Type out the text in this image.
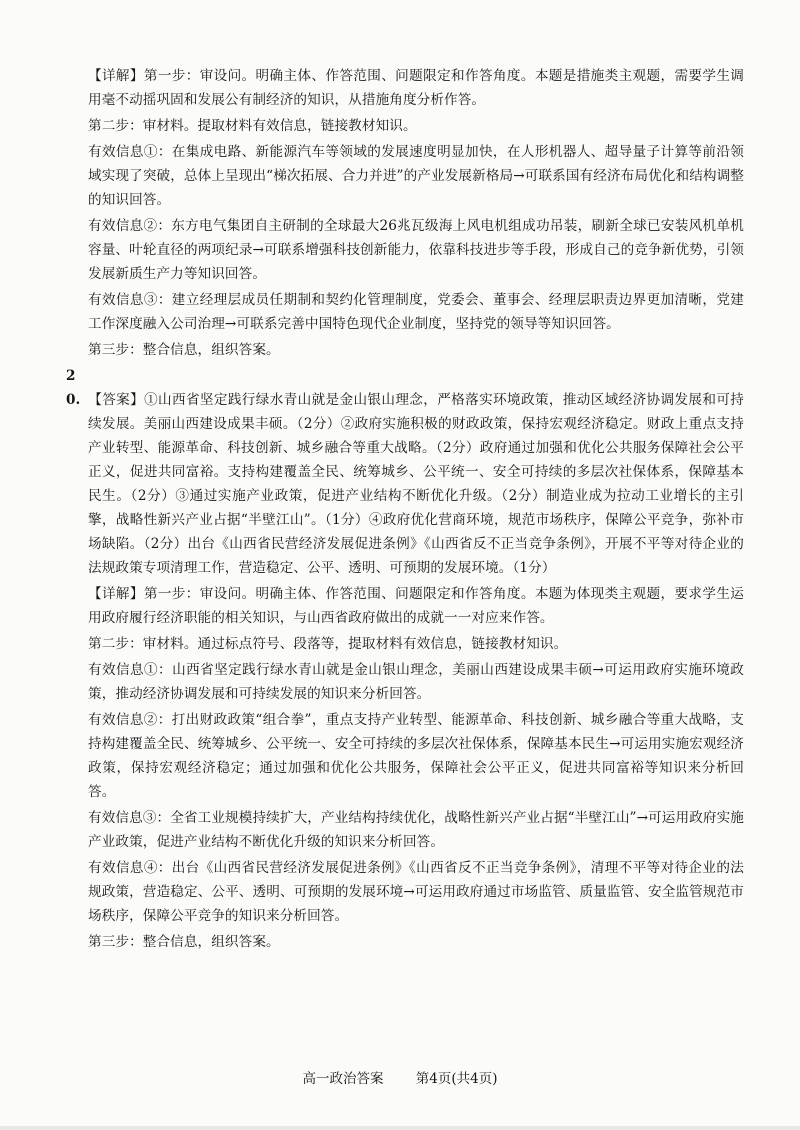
【详解】第一步：审设问。明确主体、作答范围、问题限定和作答角度。本题是措施类主观题，需要学生调用毫不动摇巩固和发展公有制经济的知识，从措施角度分析作答。

第二步：审材料。提取材料有效信息，链接教材知识。

有效信息①：在集成电路、新能源汽车等领域的发展速度明显加快，在人形机器人、超导量子计算等前沿领域实现了突破，总体上呈现出“梯次拓展、合力并进”的产业发展新格局→可联系国有经济布局优化和结构调整的知识回答。

有效信息②：东方电气集团自主研制的全球最大26兆瓦级海上风电机组成功吊装，刷新全球已安装风机单机容量、叶轮直径的两项纪录→可联系增强科技创新能力，依靠科技进步等手段，形成自己的竞争新优势，引领发展新质生产力等知识回答。

有效信息③：建立经理层成员任期制和契约化管理制度，党委会、董事会、经理层职责边界更加清晰，党建工作深度融入公司治理→可联系完善中国特色现代企业制度，坚持党的领导等知识回答。

第三步：整合信息，组织答案。

20. 【答案】①山西省坚定践行绿水青山就是金山银山理念，严格落实环境政策，推动区域经济协调发展和可持续发展。美丽山西建设成果丰硕。（2分）②政府实施积极的财政政策，保持宏观经济稳定。财政上重点支持产业转型、能源革命、科技创新、城乡融合等重大战略。（2分）政府通过加强和优化公共服务保障社会公平正义，促进共同富裕。支持构建覆盖全民、统筹城乡、公平统一、安全可持续的多层次社保体系，保障基本民生。（2分）③通过实施产业政策，促进产业结构不断优化升级。（2分）制造业成为拉动工业增长的主引擎，战略性新兴产业占据“半壁江山”。（1分）④政府优化营商环境，规范市场秩序，保障公平竞争，弥补市场缺陷。（2分）出台《山西省民营经济发展促进条例》《山西省反不正当竞争条例》，开展不平等对待企业的法规政策专项清理工作，营造稳定、公平、透明、可预期的发展环境。（1分）

【详解】第一步：审设问。明确主体、作答范围、问题限定和作答角度。本题为体现类主观题，要求学生运用政府履行经济职能的相关知识，与山西省政府做出的成就一一对应来作答。

第二步：审材料。通过标点符号、段落等，提取材料有效信息，链接教材知识。

有效信息①：山西省坚定践行绿水青山就是金山银山理念，美丽山西建设成果丰硕→可运用政府实施环境政策，推动经济协调发展和可持续发展的知识来分析回答。

有效信息②：打出财政政策“组合拳”，重点支持产业转型、能源革命、科技创新、城乡融合等重大战略，支持构建覆盖全民、统筹城乡、公平统一、安全可持续的多层次社保体系，保障基本民生→可运用实施宏观经济政策，保持宏观经济稳定；通过加强和优化公共服务，保障社会公平正义，促进共同富裕等知识来分析回答。

有效信息③：全省工业规模持续扩大，产业结构持续优化，战略性新兴产业占据“半壁江山”→可运用政府实施产业政策，促进产业结构不断优化升级的知识来分析回答。

有效信息④：出台《山西省民营经济发展促进条例》《山西省反不正当竞争条例》，清理不平等对待企业的法规政策，营造稳定、公平、透明、可预期的发展环境→可运用政府通过市场监管、质量监管、安全监管规范市场秩序，保障公平竞争的知识来分析回答。

第三步：整合信息，组织答案。

高一政治答案 第4页(共4页)
